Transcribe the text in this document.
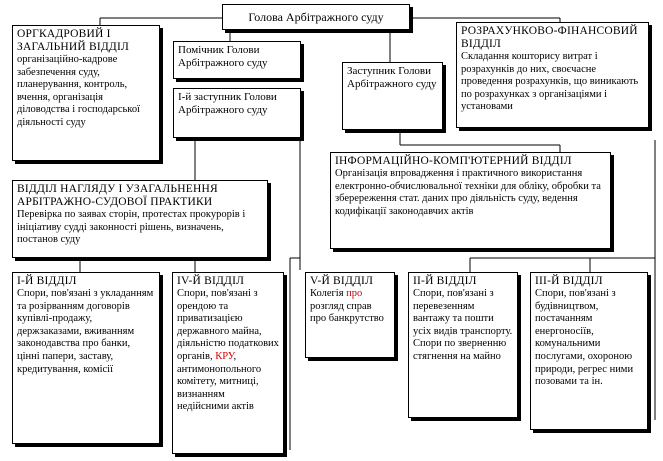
Голова Арбітражного суду
ОРГКАДРОВИЙ І ЗАГАЛЬНИЙ ВІДДІЛ
організаційно-кадрове забезпечення суду, планерування, контроль, вчення, організація діловодства і господарської діяльності суду
Помічник Голови Арбітражного суду
І-й заступник Голови Арбітражного суду
Заступник Голови Арбітражного суду
РОЗРАХУНКОВО-ФІНАНСОВИЙ ВІДДІЛ
Складання кошторису витрат і розрахунків до них, своєчасне проведення розрахунків, що виникають по розрахунках з організаціями і установами
ІНФОРМАЦІЙНО-КОМП'ЮТЕРНИЙ ВІДДІЛ
Організація впровадження і практичного використання електронно-обчислювальної техніки для обліку, обробки та зберереження стат. даних про діяльність суду, ведення кодифікації законодавчих актів
ВІДДІЛ НАГЛЯДУ І УЗАГАЛЬНЕННЯ АРБІТРАЖНО-СУДОВОЇ ПРАКТИКИ
Перевірка по заявах сторін, протестах прокурорів і ініціативу судді законності рішень, визначень, постанов суду
І-Й ВІДДІЛ
Спори, пов'язані з укладанням та розірванням договорів купівлі-продажу, держзаказами, вживанням законодавства про банки, цінні папери, заставу, кредитування, комісії
ІV-Й ВІДДІЛ
Спори, пов'язані з орендою та приватизацією державного майна, діяльністю податкових органів, КРУ, антимонопольного комітету, митниці, визнанням недійсними актів
V-Й ВІДДІЛ
Колегія про розгляд справ про банкрутство
ІІ-Й ВІДДІЛ
Спори, пов'язані з перевезенням вантажу та пошти усіх видів транспорту. Спори по зверненню стягнення на майно
ІІІ-Й ВІДДІЛ
Спори, пов'язані з будівництвом, постачанням енергоносіїв, комунальними послугами, охороною природи, регрес ними позовами та ін.
